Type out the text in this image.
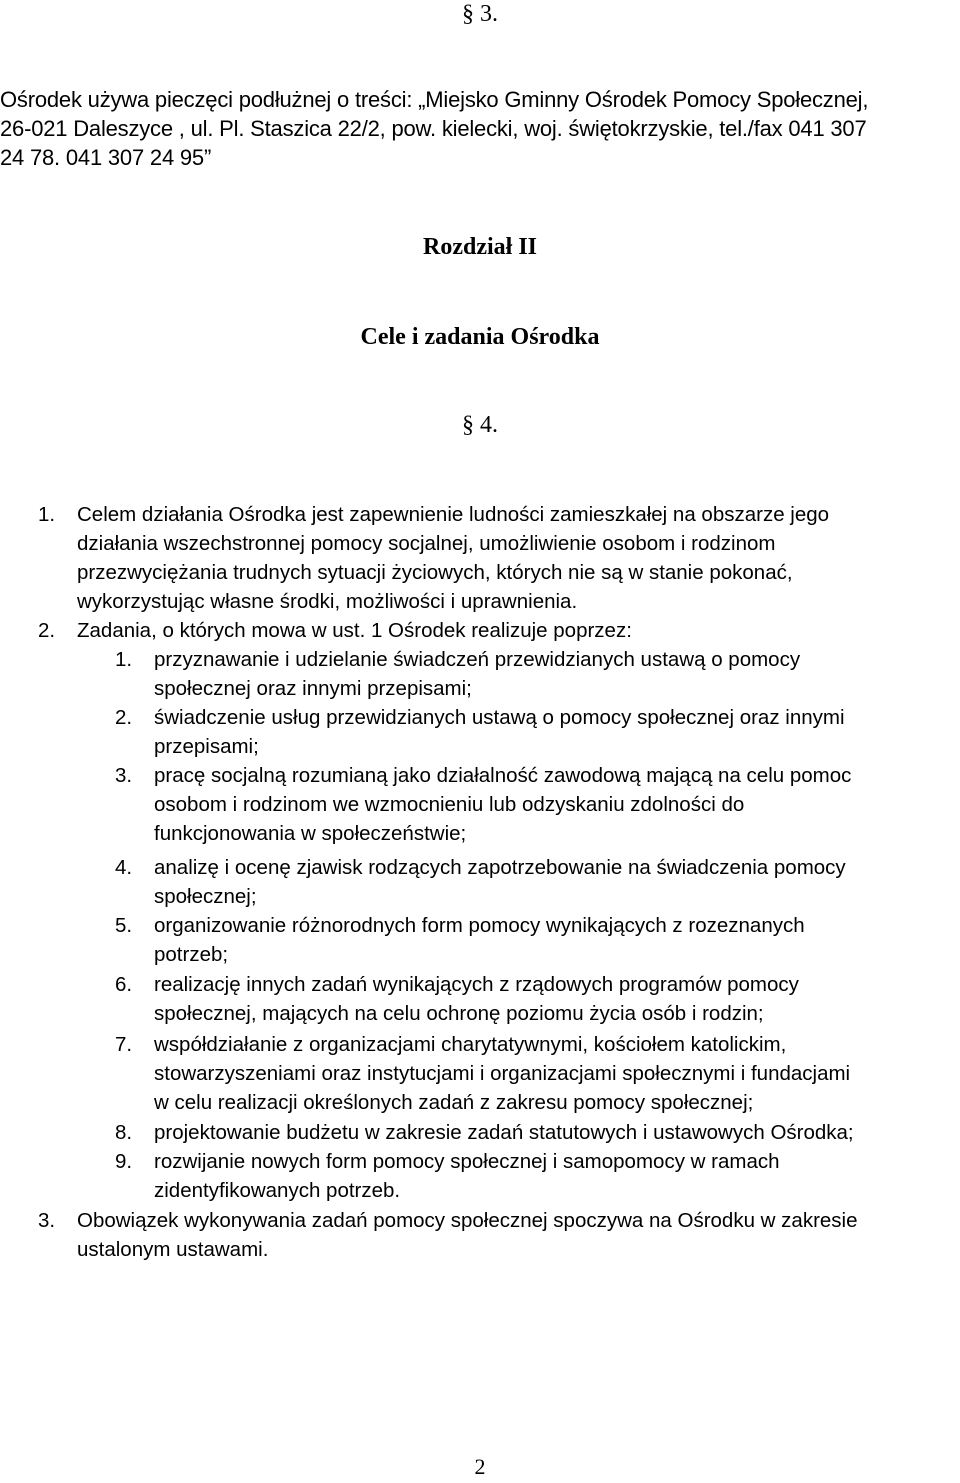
§ 3.

Ośrodek używa pieczęci podłużnej o treści: „Miejsko Gminny Ośrodek Pomocy Społecznej,
26-021 Daleszyce , ul. Pl. Staszica 22/2, pow. kielecki, woj. świętokrzyskie, tel./fax 041 307
24 78. 041 307 24 95”

Rozdział II

Cele i zadania Ośrodka

§ 4.

1. Celem działania Ośrodka jest zapewnienie ludności zamieszkałej na obszarze jego
działania wszechstronnej pomocy socjalnej, umożliwienie osobom i rodzinom
przezwyciężania trudnych sytuacji życiowych, których nie są w stanie pokonać,
wykorzystując własne środki, możliwości i uprawnienia.
2. Zadania, o których mowa w ust. 1 Ośrodek realizuje poprzez:
1. przyznawanie i udzielanie świadczeń przewidzianych ustawą o pomocy
społecznej oraz innymi przepisami;
2. świadczenie usług przewidzianych ustawą o pomocy społecznej oraz innymi
przepisami;
3. pracę socjalną rozumianą jako działalność zawodową mającą na celu pomoc
osobom i rodzinom we wzmocnieniu lub odzyskaniu zdolności do
funkcjonowania w społeczeństwie;
4. analizę i ocenę zjawisk rodzących zapotrzebowanie na świadczenia pomocy
społecznej;
5. organizowanie różnorodnych form pomocy wynikających z rozeznanych
potrzeb;
6. realizację innych zadań wynikających z rządowych programów pomocy
społecznej, mających na celu ochronę poziomu życia osób i rodzin;
7. współdziałanie z organizacjami charytatywnymi, kościołem katolickim,
stowarzyszeniami oraz instytucjami i organizacjami społecznymi i fundacjami
w celu realizacji określonych zadań z zakresu pomocy społecznej;
8. projektowanie budżetu w zakresie zadań statutowych i ustawowych Ośrodka;
9. rozwijanie nowych form pomocy społecznej i samopomocy w ramach
zidentyfikowanych potrzeb.
3. Obowiązek wykonywania zadań pomocy społecznej spoczywa na Ośrodku w zakresie
ustalonym ustawami.

2
